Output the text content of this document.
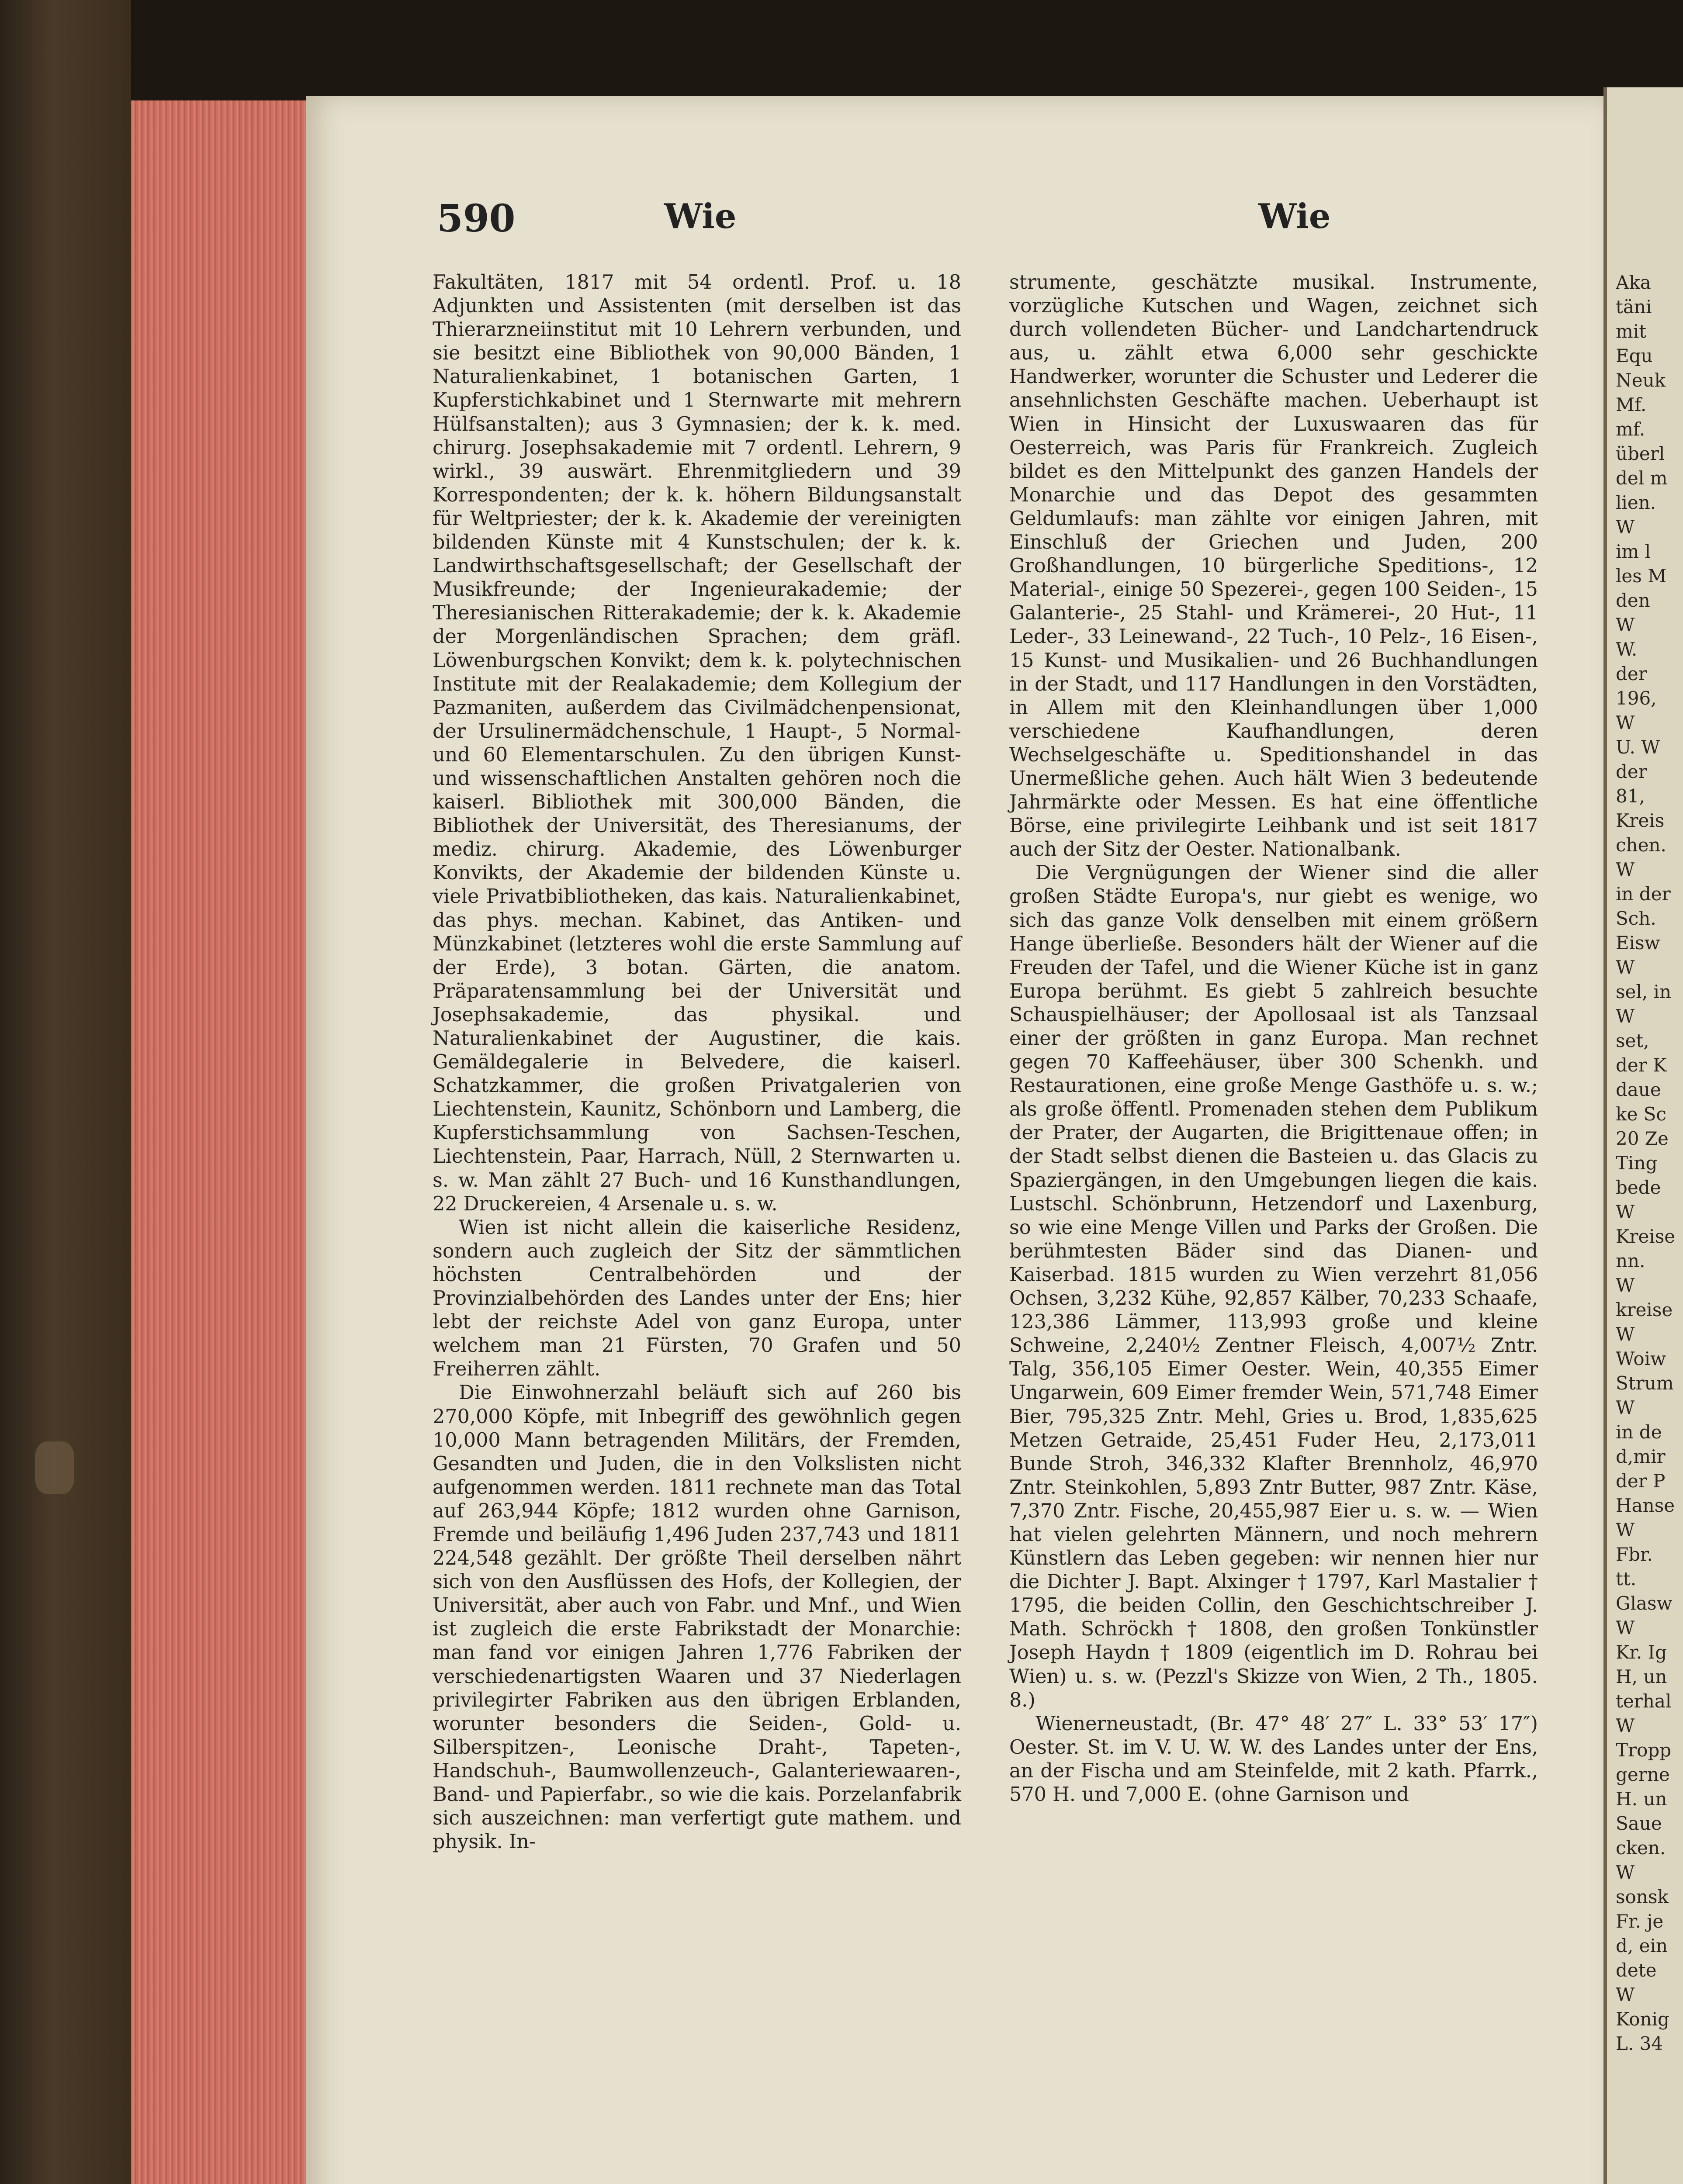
590	Wie	Wie

Fakultäten, 1817 mit 54 ordentl. Prof. u. 18 Adjunkten und Assistenten (mit derselben ist das Thierarzneiinstitut mit 10 Lehrern verbunden, und sie besitzt eine Bibliothek von 90,000 Bänden, 1 Naturalienkabinet, 1 botanischen Garten, 1 Kupferstichkabinet und 1 Sternwarte mit mehrern Hülfsanstalten); aus 3 Gymnasien; der k. k. med. chirurg. Josephsakademie mit 7 ordentl. Lehrern, 9 wirkl., 39 auswärt. Ehrenmitgliedern und 39 Korrespondenten; der k. k. höhern Bildungsanstalt für Weltpriester; der k. k. Akademie der vereinigten bildenden Künste mit 4 Kunstschulen; der k. k. Landwirthschaftsgesellschaft; der Gesellschaft der Musikfreunde; der Ingenieurakademie; der Theresianischen Ritterakademie; der k. k. Akademie der Morgenländischen Sprachen; dem gräfl. Löwenburgschen Konvikt; dem k. k. polytechnischen Institute mit der Realakademie; dem Kollegium der Pazmaniten, außerdem das Civilmädchenpensionat, der Ursulinermädchenschule, 1 Haupt-, 5 Normal- und 60 Elementarschulen. Zu den übrigen Kunst- und wissenschaftlichen Anstalten gehören noch die kaiserl. Bibliothek mit 300,000 Bänden, die Bibliothek der Universität, des Theresianums, der mediz. chirurg. Akademie, des Löwenburger Konvikts, der Akademie der bildenden Künste u. viele Privatbibliotheken, das kais. Naturalienkabinet, das phys. mechan. Kabinet, das Antiken- und Münzkabinet (letzteres wohl die erste Sammlung auf der Erde), 3 botan. Gärten, die anatom. Präparatensammlung bei der Universität und Josephsakademie, das physikal. und Naturalienkabinet der Augustiner, die kais. Gemäldegalerie in Belvedere, die kaiserl. Schatzkammer, die großen Privatgalerien von Liechtenstein, Kaunitz, Schönborn und Lamberg, die Kupferstichsammlung von Sachsen-Teschen, Liechtenstein, Paar, Harrach, Nüll, 2 Sternwarten u. s. w. Man zählt 27 Buch- und 16 Kunsthandlungen, 22 Druckereien, 4 Arsenale u. s. w.

Wien ist nicht allein die kaiserliche Residenz, sondern auch zugleich der Sitz der sämmtlichen höchsten Centralbehörden und der Provinzialbehörden des Landes unter der Ens; hier lebt der reichste Adel von ganz Europa, unter welchem man 21 Fürsten, 70 Grafen und 50 Freiherren zählt.

Die Einwohnerzahl beläuft sich auf 260 bis 270,000 Köpfe, mit Inbegriff des gewöhnlich gegen 10,000 Mann betragenden Militärs, der Fremden, Gesandten und Juden, die in den Volkslisten nicht aufgenommen werden. 1811 rechnete man das Total auf 263,944 Köpfe; 1812 wurden ohne Garnison, Fremde und beiläufig 1,496 Juden 237,743 und 1811 224,548 gezählt. Der größte Theil derselben nährt sich von den Ausflüssen des Hofs, der Kollegien, der Universität, aber auch von Fabr. und Mnf., und Wien ist zugleich die erste Fabrikstadt der Monarchie: man fand vor einigen Jahren 1,776 Fabriken der verschiedenartigsten Waaren und 37 Niederlagen privilegirter Fabriken aus den übrigen Erblanden, worunter besonders die Seiden-, Gold- u. Silberspitzen-, Leonische Draht-, Tapeten-, Handschuh-, Baumwollenzeuch-, Galanteriewaaren-, Band- und Papierfabr., so wie die kais. Porzelanfabrik sich auszeichnen: man verfertigt gute mathem. und physik. In-

strumente, geschätzte musikal. Instrumente, vorzügliche Kutschen und Wagen, zeichnet sich durch vollendeten Bücher- und Landchartendruck aus, u. zählt etwa 6,000 sehr geschickte Handwerker, worunter die Schuster und Lederer die ansehnlichsten Geschäfte machen. Ueberhaupt ist Wien in Hinsicht der Luxuswaaren das für Oesterreich, was Paris für Frankreich. Zugleich bildet es den Mittelpunkt des ganzen Handels der Monarchie und das Depot des gesammten Geldumlaufs: man zählte vor einigen Jahren, mit Einschluß der Griechen und Juden, 200 Großhandlungen, 10 bürgerliche Speditions-, 12 Material-, einige 50 Spezerei-, gegen 100 Seiden-, 15 Galanterie-, 25 Stahl- und Krämerei-, 20 Hut-, 11 Leder-, 33 Leinewand-, 22 Tuch-, 10 Pelz-, 16 Eisen-, 15 Kunst- und Musikalien- und 26 Buchhandlungen in der Stadt, und 117 Handlungen in den Vorstädten, in Allem mit den Kleinhandlungen über 1,000 verschiedene Kaufhandlungen, deren Wechselgeschäfte u. Speditionshandel in das Unermeßliche gehen. Auch hält Wien 3 bedeutende Jahrmärkte oder Messen. Es hat eine öffentliche Börse, eine privilegirte Leihbank und ist seit 1817 auch der Sitz der Oester. Nationalbank.

Die Vergnügungen der Wiener sind die aller großen Städte Europa's, nur giebt es wenige, wo sich das ganze Volk denselben mit einem größern Hange überließe. Besonders hält der Wiener auf die Freuden der Tafel, und die Wiener Küche ist in ganz Europa berühmt. Es giebt 5 zahlreich besuchte Schauspielhäuser; der Apollosaal ist als Tanzsaal einer der größten in ganz Europa. Man rechnet gegen 70 Kaffeehäuser, über 300 Schenkh. und Restaurationen, eine große Menge Gasthöfe u. s. w.; als große öffentl. Promenaden stehen dem Publikum der Prater, der Augarten, die Brigittenaue offen; in der Stadt selbst dienen die Basteien u. das Glacis zu Spaziergängen, in den Umgebungen liegen die kais. Lustschl. Schönbrunn, Hetzendorf und Laxenburg, so wie eine Menge Villen und Parks der Großen. Die berühmtesten Bäder sind das Dianen- und Kaiserbad. 1815 wurden zu Wien verzehrt 81,056 Ochsen, 3,232 Kühe, 92,857 Kälber, 70,233 Schaafe, 123,386 Lämmer, 113,993 große und kleine Schweine, 2,240½ Zentner Fleisch, 4,007½ Zntr. Talg, 356,105 Eimer Oester. Wein, 40,355 Eimer Ungarwein, 609 Eimer fremder Wein, 571,748 Eimer Bier, 795,325 Zntr. Mehl, Gries u. Brod, 1,835,625 Metzen Getraide, 25,451 Fuder Heu, 2,173,011 Bunde Stroh, 346,332 Klafter Brennholz, 46,970 Zntr. Steinkohlen, 5,893 Zntr Butter, 987 Zntr. Käse, 7,370 Zntr. Fische, 20,455,987 Eier u. s. w. — Wien hat vielen gelehrten Männern, und noch mehrern Künstlern das Leben gegeben: wir nennen hier nur die Dichter J. Bapt. Alxinger † 1797, Karl Mastalier † 1795, die beiden Collin, den Geschichtschreiber J. Math. Schröckh † 1808, den großen Tonkünstler Joseph Haydn † 1809 (eigentlich im D. Rohrau bei Wien) u. s. w. (Pezzl's Skizze von Wien, 2 Th., 1805. 8.)

Wienerneustadt, (Br. 47° 48′ 27″ L. 33° 53′ 17″) Oester. St. im V. U. W. W. des Landes unter der Ens, an der Fischa und am Steinfelde, mit 2 kath. Pfarrk., 570 H. und 7,000 E. (ohne Garnison und

Aka
täni
mit
Equ
Neuk
Mf.
mf.
überl
del m
lien.
W
im l
les M
den
W
W.
der
196,
W
U. W
der
81,
Kreis
chen.
W
in der
Sch.
Eisw
W
sel, in
W
set,
der K
daue
ke Sc
20 Ze
Ting
bede
W
Kreise
nn.
W
kreise
W
Woiw
Strum
W
in de
d,mir
der P
Hanse
W
Fbr.
tt.
Glasw
W
Kr. Ig
H, un
terhal
W
Tropp
gerne
H. un
Saue
cken.
W
sonsk
Fr. je
d, ein
dete
W
Konig
L. 34
